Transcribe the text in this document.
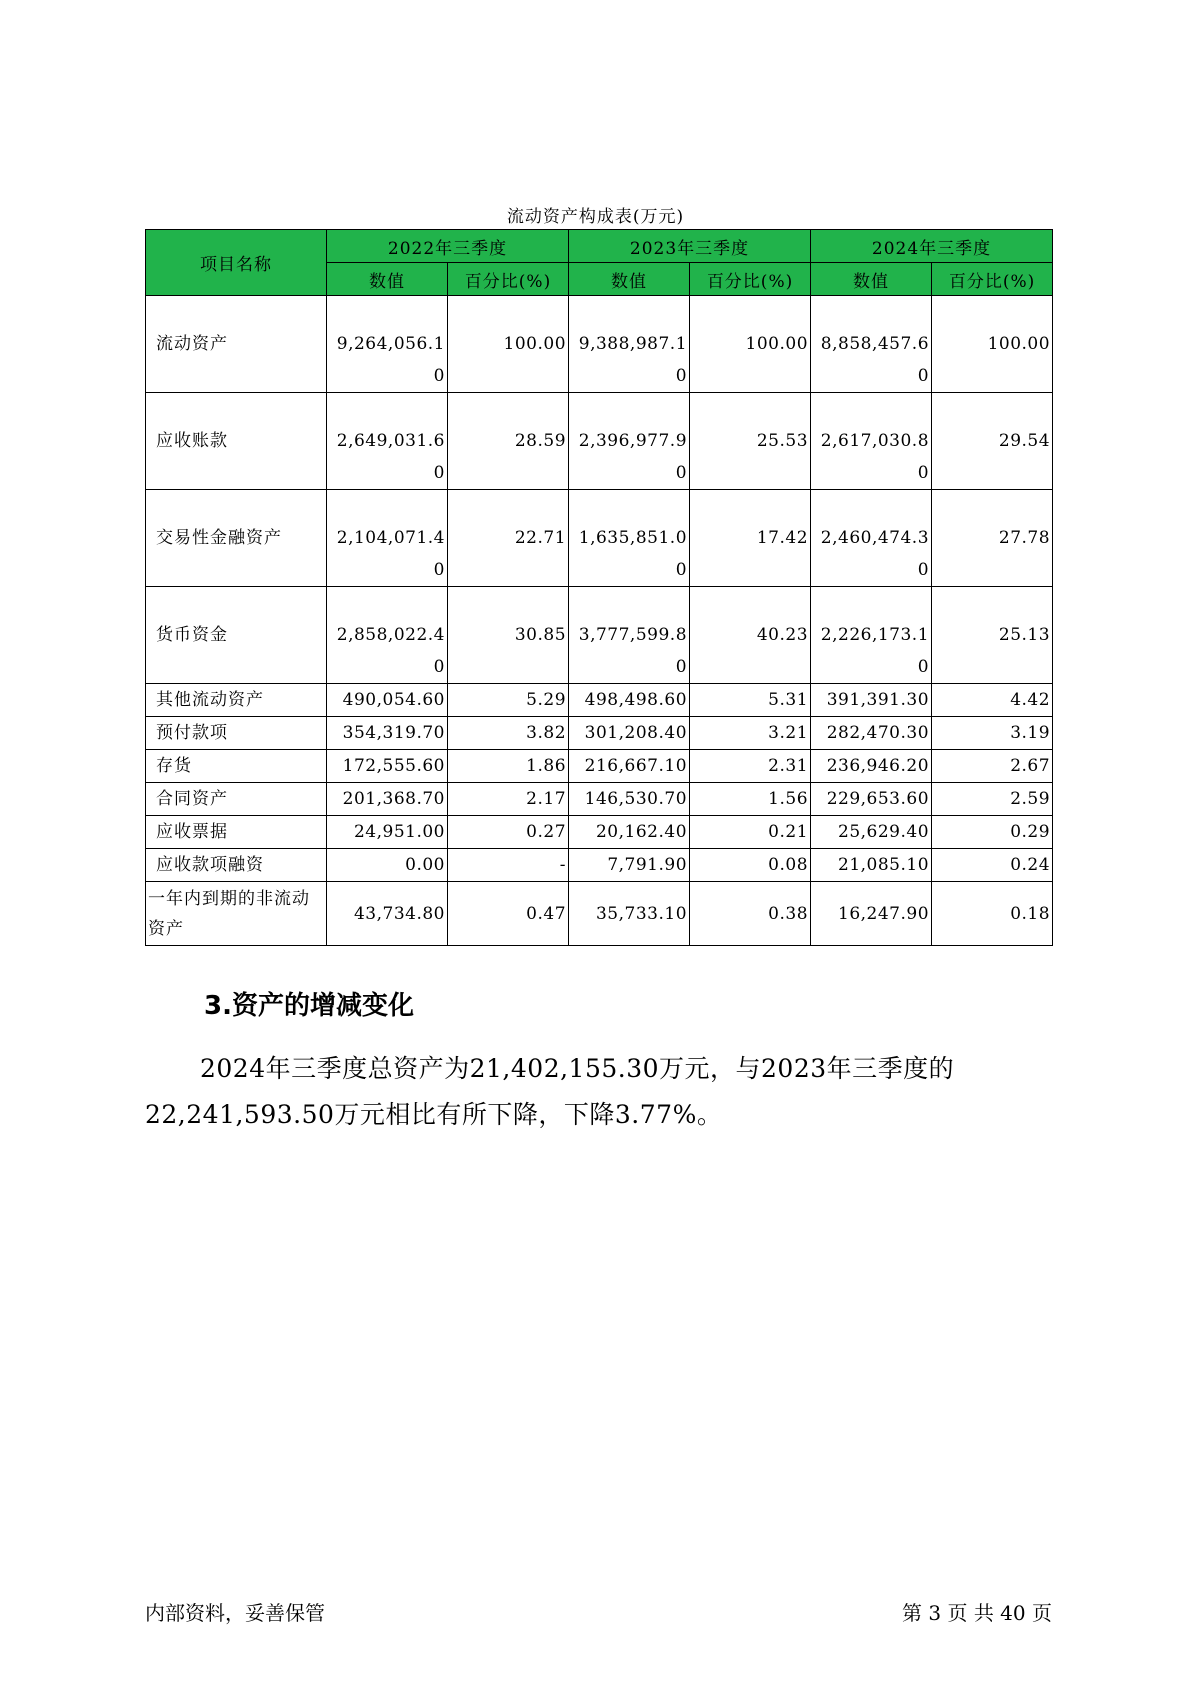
流动资产构成表(万元)
项目名称	2022年三季度		2023年三季度		2024年三季度	
	数值	百分比(%)	数值	百分比(%)	数值	百分比(%)
流动资产	9,264,056.10	100.00	9,388,987.10	100.00	8,858,457.60	100.00
应收账款	2,649,031.60	28.59	2,396,977.90	25.53	2,617,030.80	29.54
交易性金融资产	2,104,071.40	22.71	1,635,851.00	17.42	2,460,474.30	27.78
货币资金	2,858,022.40	30.85	3,777,599.80	40.23	2,226,173.10	25.13
其他流动资产	490,054.60	5.29	498,498.60	5.31	391,391.30	4.42
预付款项	354,319.70	3.82	301,208.40	3.21	282,470.30	3.19
存货	172,555.60	1.86	216,667.10	2.31	236,946.20	2.67
合同资产	201,368.70	2.17	146,530.70	1.56	229,653.60	2.59
应收票据	24,951.00	0.27	20,162.40	0.21	25,629.40	0.29
应收款项融资	0.00	-	7,791.90	0.08	21,085.10	0.24
一年内到期的非流动资产	43,734.80	0.47	35,733.10	0.38	16,247.90	0.18
3.资产的增减变化
2024年三季度总资产为21,402,155.30万元，与2023年三季度的
22,241,593.50万元相比有所下降，下降3.77%。
内部资料，妥善保管	第 3 页 共 40 页
